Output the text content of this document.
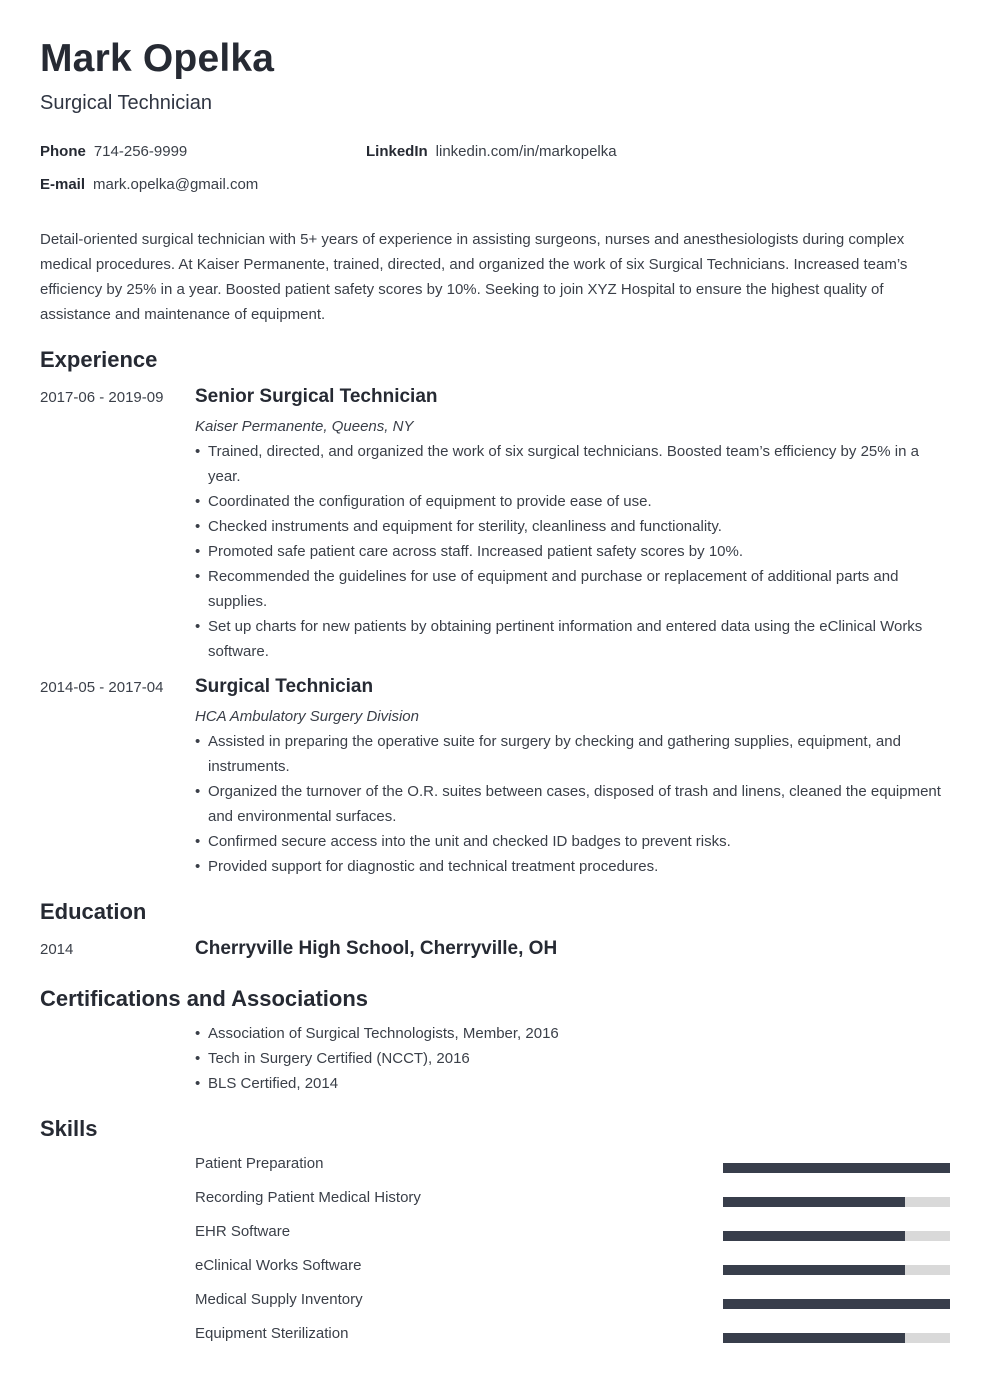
Mark Opelka
Surgical Technician
Phone 714-256-9999	LinkedIn linkedin.com/in/markopelka
E-mail mark.opelka@gmail.com
Detail-oriented surgical technician with 5+ years of experience in assisting surgeons, nurses and anesthesiologists during complex medical procedures. At Kaiser Permanente, trained, directed, and organized the work of six Surgical Technicians. Increased team’s efficiency by 25% in a year. Boosted patient safety scores by 10%. Seeking to join XYZ Hospital to ensure the highest quality of assistance and maintenance of equipment.
Experience
2017-06 - 2019-09 Senior Surgical Technician
Kaiser Permanente, Queens, NY
• Trained, directed, and organized the work of six surgical technicians. Boosted team’s efficiency by 25% in a year.
• Coordinated the configuration of equipment to provide ease of use.
• Checked instruments and equipment for sterility, cleanliness and functionality.
• Promoted safe patient care across staff. Increased patient safety scores by 10%.
• Recommended the guidelines for use of equipment and purchase or replacement of additional parts and supplies.
• Set up charts for new patients by obtaining pertinent information and entered data using the eClinical Works software.
2014-05 - 2017-04 Surgical Technician
HCA Ambulatory Surgery Division
• Assisted in preparing the operative suite for surgery by checking and gathering supplies, equipment, and instruments.
• Organized the turnover of the O.R. suites between cases, disposed of trash and linens, cleaned the equipment and environmental surfaces.
• Confirmed secure access into the unit and checked ID badges to prevent risks.
• Provided support for diagnostic and technical treatment procedures.
Education
2014	Cherryville High School, Cherryville, OH
Certifications and Associations
• Association of Surgical Technologists, Member, 2016
• Tech in Surgery Certified (NCCT), 2016
• BLS Certified, 2014
Skills
Patient Preparation
Recording Patient Medical History
EHR Software
eClinical Works Software
Medical Supply Inventory
Equipment Sterilization
